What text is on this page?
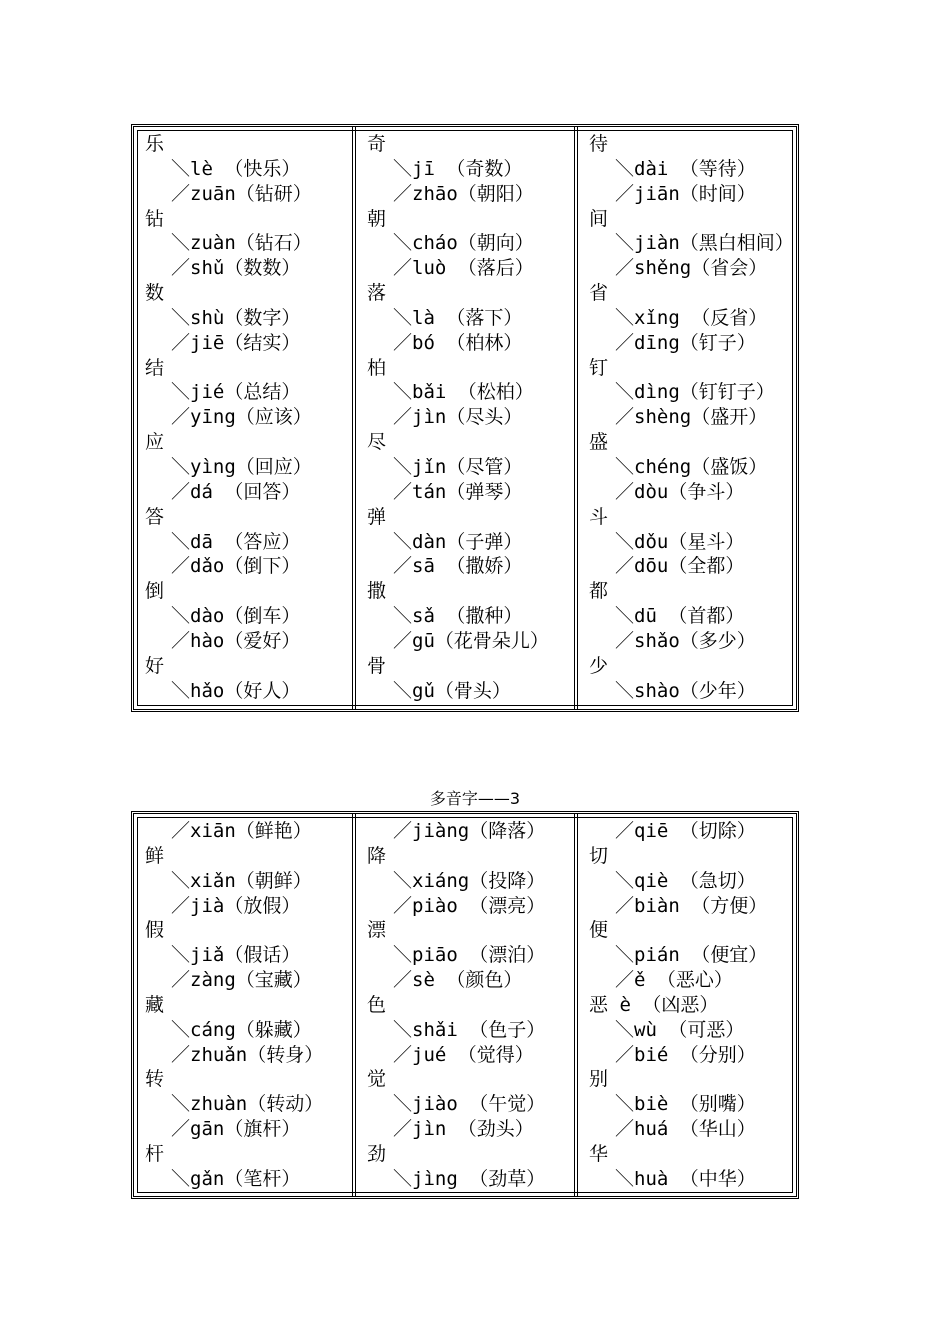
乐
＼lè （快乐）
／zuān（钻研）
钻
＼zuàn（钻石）
／shǔ（数数）
数
＼shù（数字）
／jiē（结实）
结
＼jié（总结）
／yīng（应该）
应
＼yìng（回应）
／dá （回答）
答
＼dā （答应）
／dǎo（倒下）
倒
＼dào（倒车）
／hào（爱好）
好
＼hǎo（好人）
奇
＼jī （奇数）
／zhāo（朝阳）
朝
＼cháo（朝向）
／luò （落后）
落
＼là （落下）
／bó （柏林）
柏
＼bǎi （松柏）
／jìn（尽头）
尽
＼jǐn（尽管）
／tán（弹琴）
弹
＼dàn（子弹）
／sā （撒娇）
撒
＼sǎ （撒种）
／gū（花骨朵儿）
骨
＼gǔ（骨头）
待
＼dài （等待）
／jiān（时间）
间
＼jiàn（黑白相间）
／shěng（省会）
省
＼xǐng （反省）
／dīng（钉子）
钉
＼dìng（钉钉子）
／shèng（盛开）
盛
＼chéng（盛饭）
／dòu（争斗）
斗
＼dǒu（星斗）
／dōu（全都）
都
＼dū （首都）
／shǎo（多少）
少
＼shào（少年）
多音字——3
／xiān（鲜艳）
鲜
＼xiǎn（朝鲜）
／jià（放假）
假
＼jiǎ（假话）
／zàng（宝藏）
藏
＼cáng（躲藏）
／zhuǎn（转身）
转
＼zhuàn（转动）
／gān（旗杆）
杆
＼gǎn（笔杆）
／jiàng（降落）
降
＼xiáng（投降）
／piào （漂亮）
漂
＼piāo （漂泊）
／sè （颜色）
色
＼shǎi （色子）
／jué （觉得）
觉
＼jiào （午觉）
／jìn （劲头）
劲
＼jìng （劲草）
／qiē （切除）
切
＼qiè （急切）
／biàn （方便）
便
＼pián （便宜）
／ě （恶心）
恶 è （凶恶）
＼wù （可恶）
／bié （分别）
别
＼biè （别嘴）
／huá （华山）
华
＼huà （中华）
